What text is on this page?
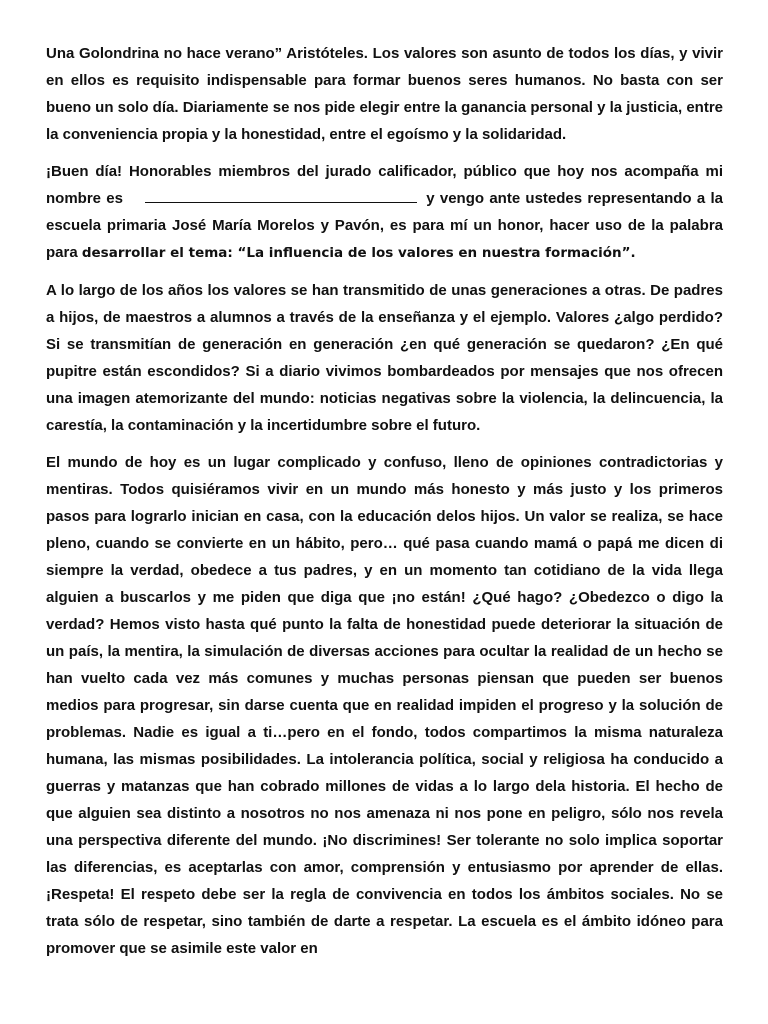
Una Golondrina no hace verano” Aristóteles. Los valores son asunto de todos los días, y vivir en ellos es requisito indispensable para formar buenos seres humanos. No basta con ser bueno un solo día. Diariamente se nos pide elegir entre la ganancia personal y la justicia, entre la conveniencia propia y la honestidad, entre el egoísmo y la solidaridad.

¡Buen día! Honorables miembros del jurado calificador, público que hoy nos acompaña mi nombre es	y vengo ante ustedes representando a la escuela primaria José María Morelos y Pavón, es para mí un honor, hacer uso de la palabra para desarrollar el tema: “La influencia de los valores en nuestra formación”.

A lo largo de los años los valores se han transmitido de unas generaciones a otras. De padres a hijos, de maestros a alumnos a través de la enseñanza y el ejemplo. Valores ¿algo perdido? Si se transmitían de generación en generación ¿en qué generación se quedaron? ¿En qué pupitre están escondidos? Si a diario vivimos bombardeados por mensajes que nos ofrecen una imagen atemorizante del mundo: noticias negativas sobre la violencia, la delincuencia, la carestía, la contaminación y la incertidumbre sobre el futuro.

El mundo de hoy es un lugar complicado y confuso, lleno de opiniones contradictorias y mentiras. Todos quisiéramos vivir en un mundo más honesto y más justo y los primeros pasos para lograrlo inician en casa, con la educación delos hijos. Un valor se realiza, se hace pleno, cuando se convierte en un hábito, pero… qué pasa cuando mamá o papá me dicen di siempre la verdad, obedece a tus padres, y en un momento tan cotidiano de la vida llega alguien a buscarlos y me piden que diga que ¡no están! ¿Qué hago? ¿Obedezco o digo la verdad? Hemos visto hasta qué punto la falta de honestidad puede deteriorar la situación de un país, la mentira, la simulación de diversas acciones para ocultar la realidad de un hecho se han vuelto cada vez más comunes y muchas personas piensan que pueden ser buenos medios para progresar, sin darse cuenta que en realidad impiden el progreso y la solución de problemas. Nadie es igual a ti…pero en el fondo, todos compartimos la misma naturaleza humana, las mismas posibilidades. La intolerancia política, social y religiosa ha conducido a guerras y matanzas que han cobrado millones de vidas a lo largo dela historia. El hecho de que alguien sea distinto a nosotros no nos amenaza ni nos pone en peligro, sólo nos revela una perspectiva diferente del mundo. ¡No discrimines! Ser tolerante no solo implica soportar las diferencias, es aceptarlas con amor, comprensión y entusiasmo por aprender de ellas. ¡Respeta! El respeto debe ser la regla de convivencia en todos los ámbitos sociales. No se trata sólo de respetar, sino también de darte a respetar. La escuela es el ámbito idóneo para promover que se asimile este valor en
